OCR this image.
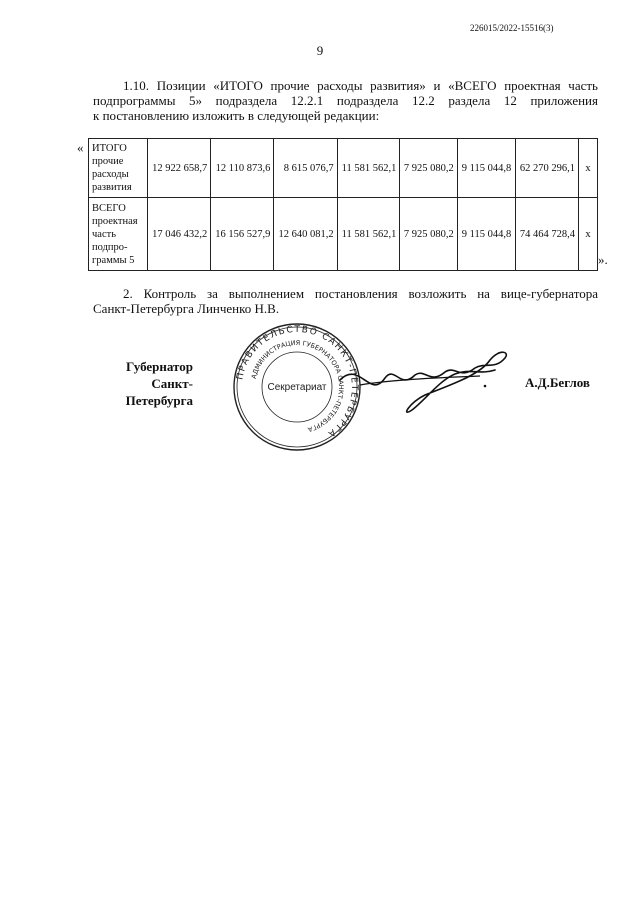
226015/2022-15516(3)
9
1.10. Позиции «ИТОГО прочие расходы развития» и «ВСЕГО проектная часть
подпрограммы 5» подраздела 12.2.1 подраздела 12.2 раздела 12 приложения
к постановлению изложить в следующей редакции:
« ИТОГО
прочие
расходы
развития	12 922 658,7	12 110 873,6	8 615 076,7	11 581 562,1	7 925 080,2	9 115 044,8	62 270 296,1	х

ВСЕГО
проектная
часть
подпро-
граммы 5	17 046 432,2	16 156 527,9	12 640 081,2	11 581 562,1	7 925 080,2	9 115 044,8	74 464 728,4	х
».
2. Контроль за выполнением постановления возложить на вице-губернатора
Санкт-Петербурга Линченко Н.В.
Губернатор
Санкт-Петербурга
ПРАВИТЕЛЬСТВО САНКТ-ПЕТЕРБУРГА
АДМИНИСТРАЦИЯ ГУБЕРНАТОРА САНКТ-ПЕТЕРБУРГА
Секретариат	А.Д.Беглов
